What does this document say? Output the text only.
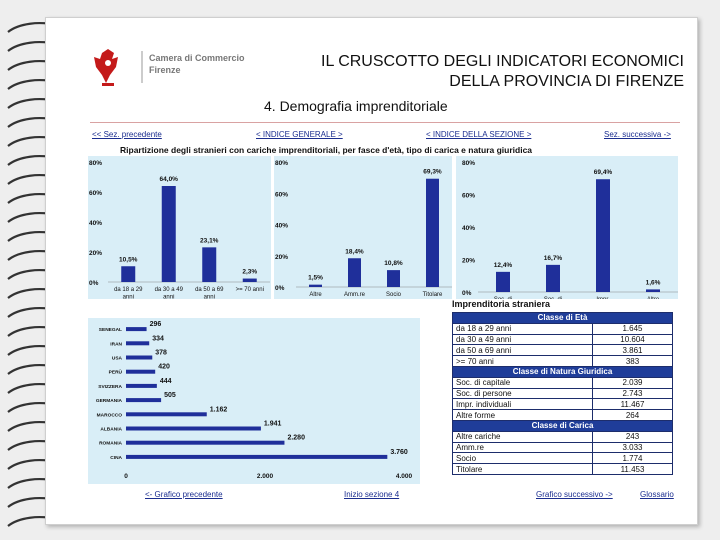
Camera di Commercio
Firenze	IL CRUSCOTTO DEGLI INDICATORI ECONOMICI
DELLA PROVINCIA DI FIRENZE
4. Demografia imprenditoriale
<< Sez. precedente	< INDICE GENERALE >	< INDICE DELLA SEZIONE >	Sez. successiva ->
Ripartizione degli stranieri con cariche imprenditoriali, per fasce d'età, tipo di carica e natura giuridica
0%
20%
40%
60%
80%
10,5%
da 18 a 29
anni
64,0%
da 30 a 49
anni
23,1%
da 50 a 69
anni
2,3%
>= 70 anni 0%
20%
40%
60%
80%
1,5%
Altre
18,4%
Amm.re
10,8%
Socio
69,3%
Titolare	0%
20%
40%
60%
80%
12,4%
16,7%
69,4%
1,6%
SENEGAL
296
IRAN
334
USA
378
PERÙ
420
SVIZZERA
444
GERMANIA
505
MAROCCO
1.162
ALBANIA
1.941
ROMANIA
2.280
CINA
3.760
0	2.000	4.000
Imprenditoria straniera
Classe di Età	
da 18 a 29 anni	1.645
da 30 a 49 anni	10.604
da 50 a 69 anni	3.861
>= 70 anni	383
Classe di Natura Giuridica	
Soc. di capitale	2.039
Soc. di persone	2.743
Impr. individuali	11.467
Altre forme	264
Classe di Carica	
Altre cariche	243
Amm.re	3.033
Socio	1.774
Titolare	11.453
<- Grafico precedente	Inizio sezione 4	Grafico successivo ->	Glossario
